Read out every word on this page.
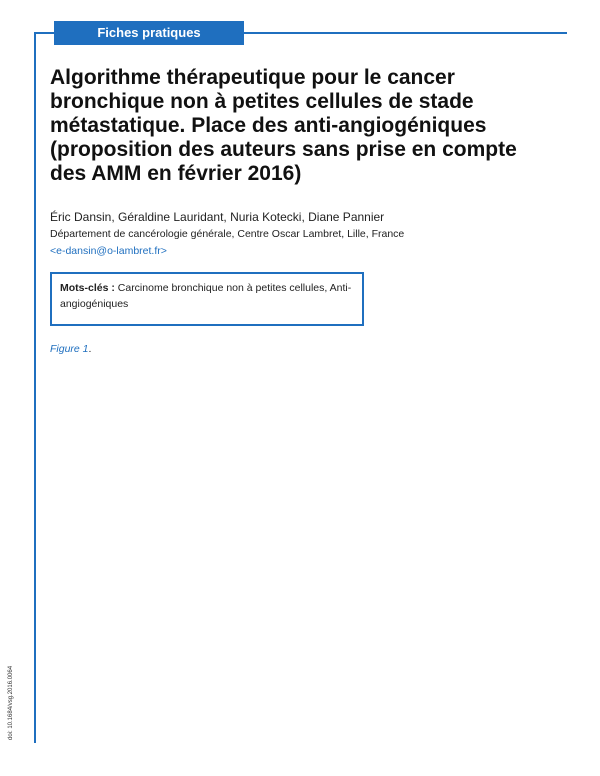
Fiches pratiques
Algorithme thérapeutique pour le cancer bronchique non à petites cellules de stade métastatique. Place des anti-angiogéniques (proposition des auteurs sans prise en compte des AMM en février 2016)
Éric Dansin, Géraldine Lauridant, Nuria Kotecki, Diane Pannier
Département de cancérologie générale, Centre Oscar Lambret, Lille, France
<e-dansin@o-lambret.fr>
Mots-clés : Carcinome bronchique non à petites cellules, Anti-angiogéniques
Figure 1.
doi: 10.1684/vsg.2016.0064
